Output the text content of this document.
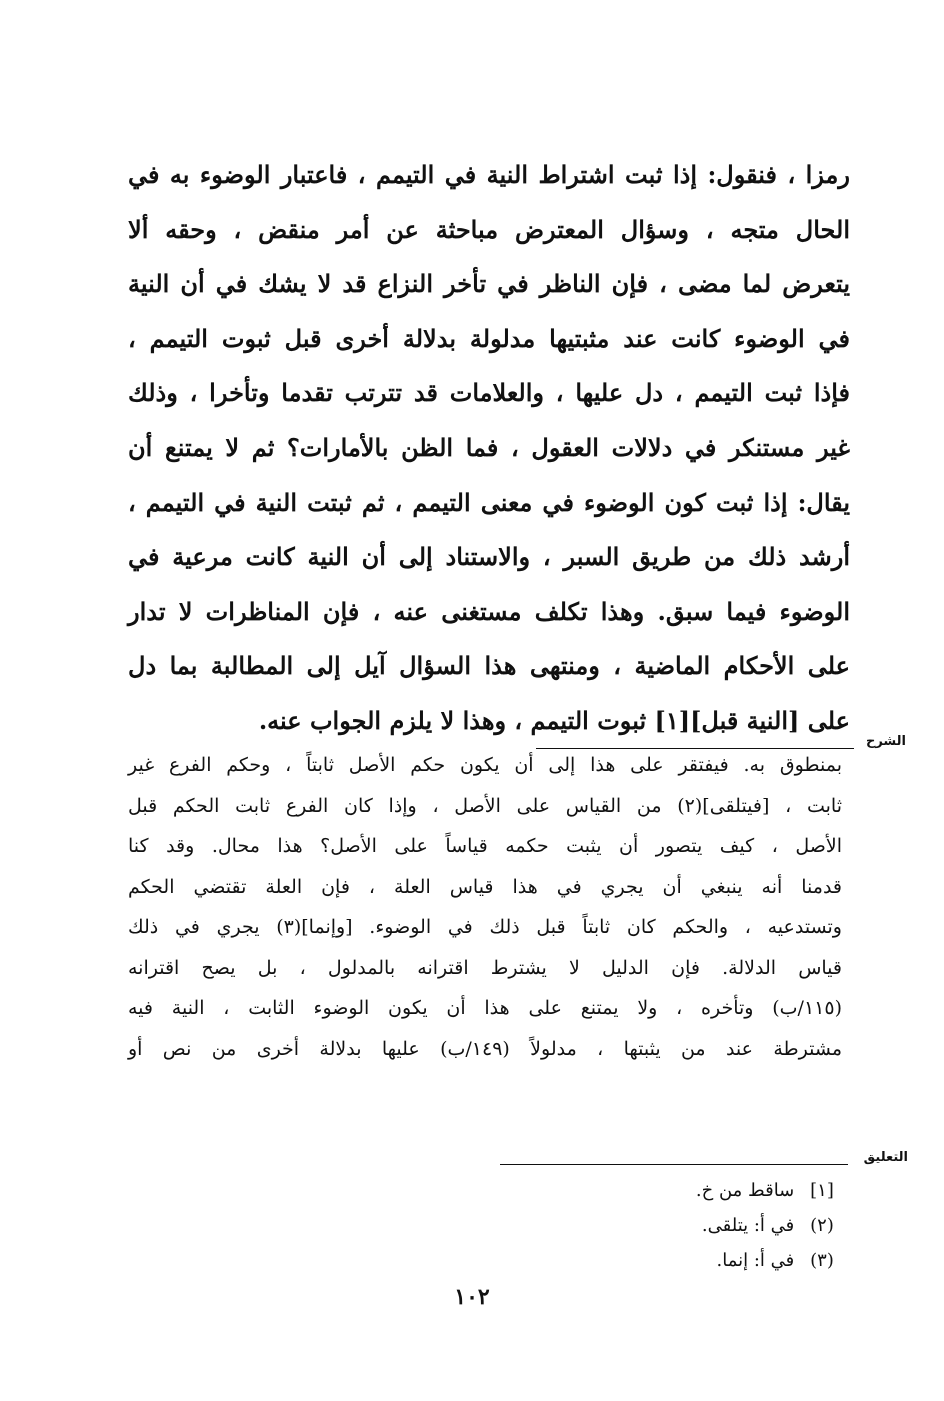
رمزا ، فنقول: إذا ثبت اشتراط النية في التيمم ، فاعتبار الوضوء به في
الحال متجه ، وسؤال المعترض مباحثة عن أمر منقض ، وحقه ألا
يتعرض لما مضى ، فإن الناظر في تأخر النزاع قد لا يشك في أن النية
في الوضوء كانت عند مثبتيها مدلولة بدلالة أخرى قبل ثبوت التيمم ،
فإذا ثبت التيمم ، دل عليها ، والعلامات قد تترتب تقدما وتأخرا ، وذلك
غير مستنكر في دلالات العقول ، فما الظن بالأمارات؟ ثم لا يمتنع أن
يقال: إذا ثبت كون الوضوء في معنى التيمم ، ثم ثبتت النية في التيمم ،
أرشد ذلك من طريق السبر ، والاستناد إلى أن النية كانت مرعية في
الوضوء فيما سبق. وهذا تكلف مستغنى عنه ، فإن المناظرات لا تدار
على الأحكام الماضية ، ومنتهى هذا السؤال آيل إلى المطالبة بما دل
على [النية قبل][١] ثبوت التيمم ، وهذا لا يلزم الجواب عنه.
الشرح
بمنطوق به. فيفتقر على هذا إلى أن يكون حكم الأصل ثابتاً ، وحكم الفرع غير
ثابت ، [فيتلقى](٢) من القياس على الأصل ، وإذا كان الفرع ثابت الحكم قبل
الأصل ، كيف يتصور أن يثبت حكمه قياساً على الأصل؟ هذا محال. وقد كنا
قدمنا أنه ينبغي أن يجري في هذا قياس العلة ، فإن العلة تقتضي الحكم
وتستدعيه ، والحكم كان ثابتاً قبل ذلك في الوضوء. [وإنما](٣) يجري في ذلك
قياس الدلالة. فإن الدليل لا يشترط اقترانه بالمدلول ، بل يصح اقترانه
(١١٥/ب) وتأخره ، ولا يمتنع على هذا أن يكون الوضوء الثابت ، النية فيه
مشترطة عند من يثبتها ، مدلولاً (١٤٩/ب) عليها بدلالة أخرى من نص أو
التعليق
[١] ساقط من خ.
(٢) في أ: يتلقى.
(٣) في أ: إنما.
١٠٢
